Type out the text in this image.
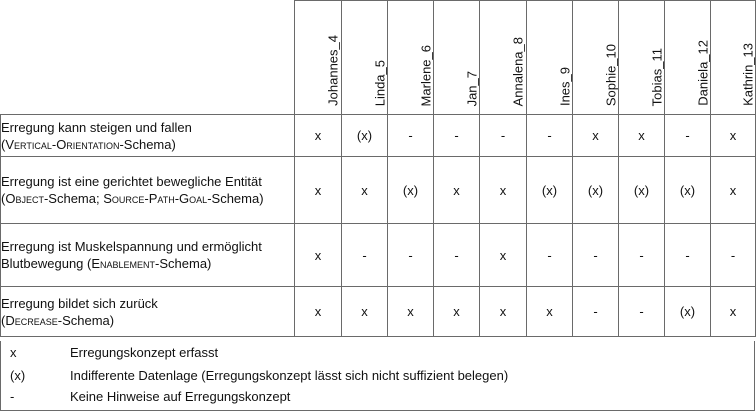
	Johannes_4	Linda_5	Marlene_6	Jan_7	Annalena_8	Ines_9	Sophie_10	Tobias_11	Daniela_12	Kathrin_13

Erregung kann steigen und fallen
(Vertical-Orientation-Schema)	x	(x)	-	-	-	-	x	x	-	x
Erregung ist eine gerichtet bewegliche Entität (Object-Schema; Source-Path-Goal-Schema)	x	x	(x)	x	x	(x)	(x)	(x)	(x)	x
Erregung ist Muskelspannung und ermöglicht Blutbewegung (Enablement-Schema)	x	-	-	-	x	-	-	-	-	-
Erregung bildet sich zurück
(Decrease-Schema)	x	x	x	x	x	x	-	-	(x)	x
x	Erregungskonzept erfasst
(x)	Indifferente Datenlage (Erregungskonzept lässt sich nicht suffizient belegen)
-	Keine Hinweise auf Erregungskonzept
